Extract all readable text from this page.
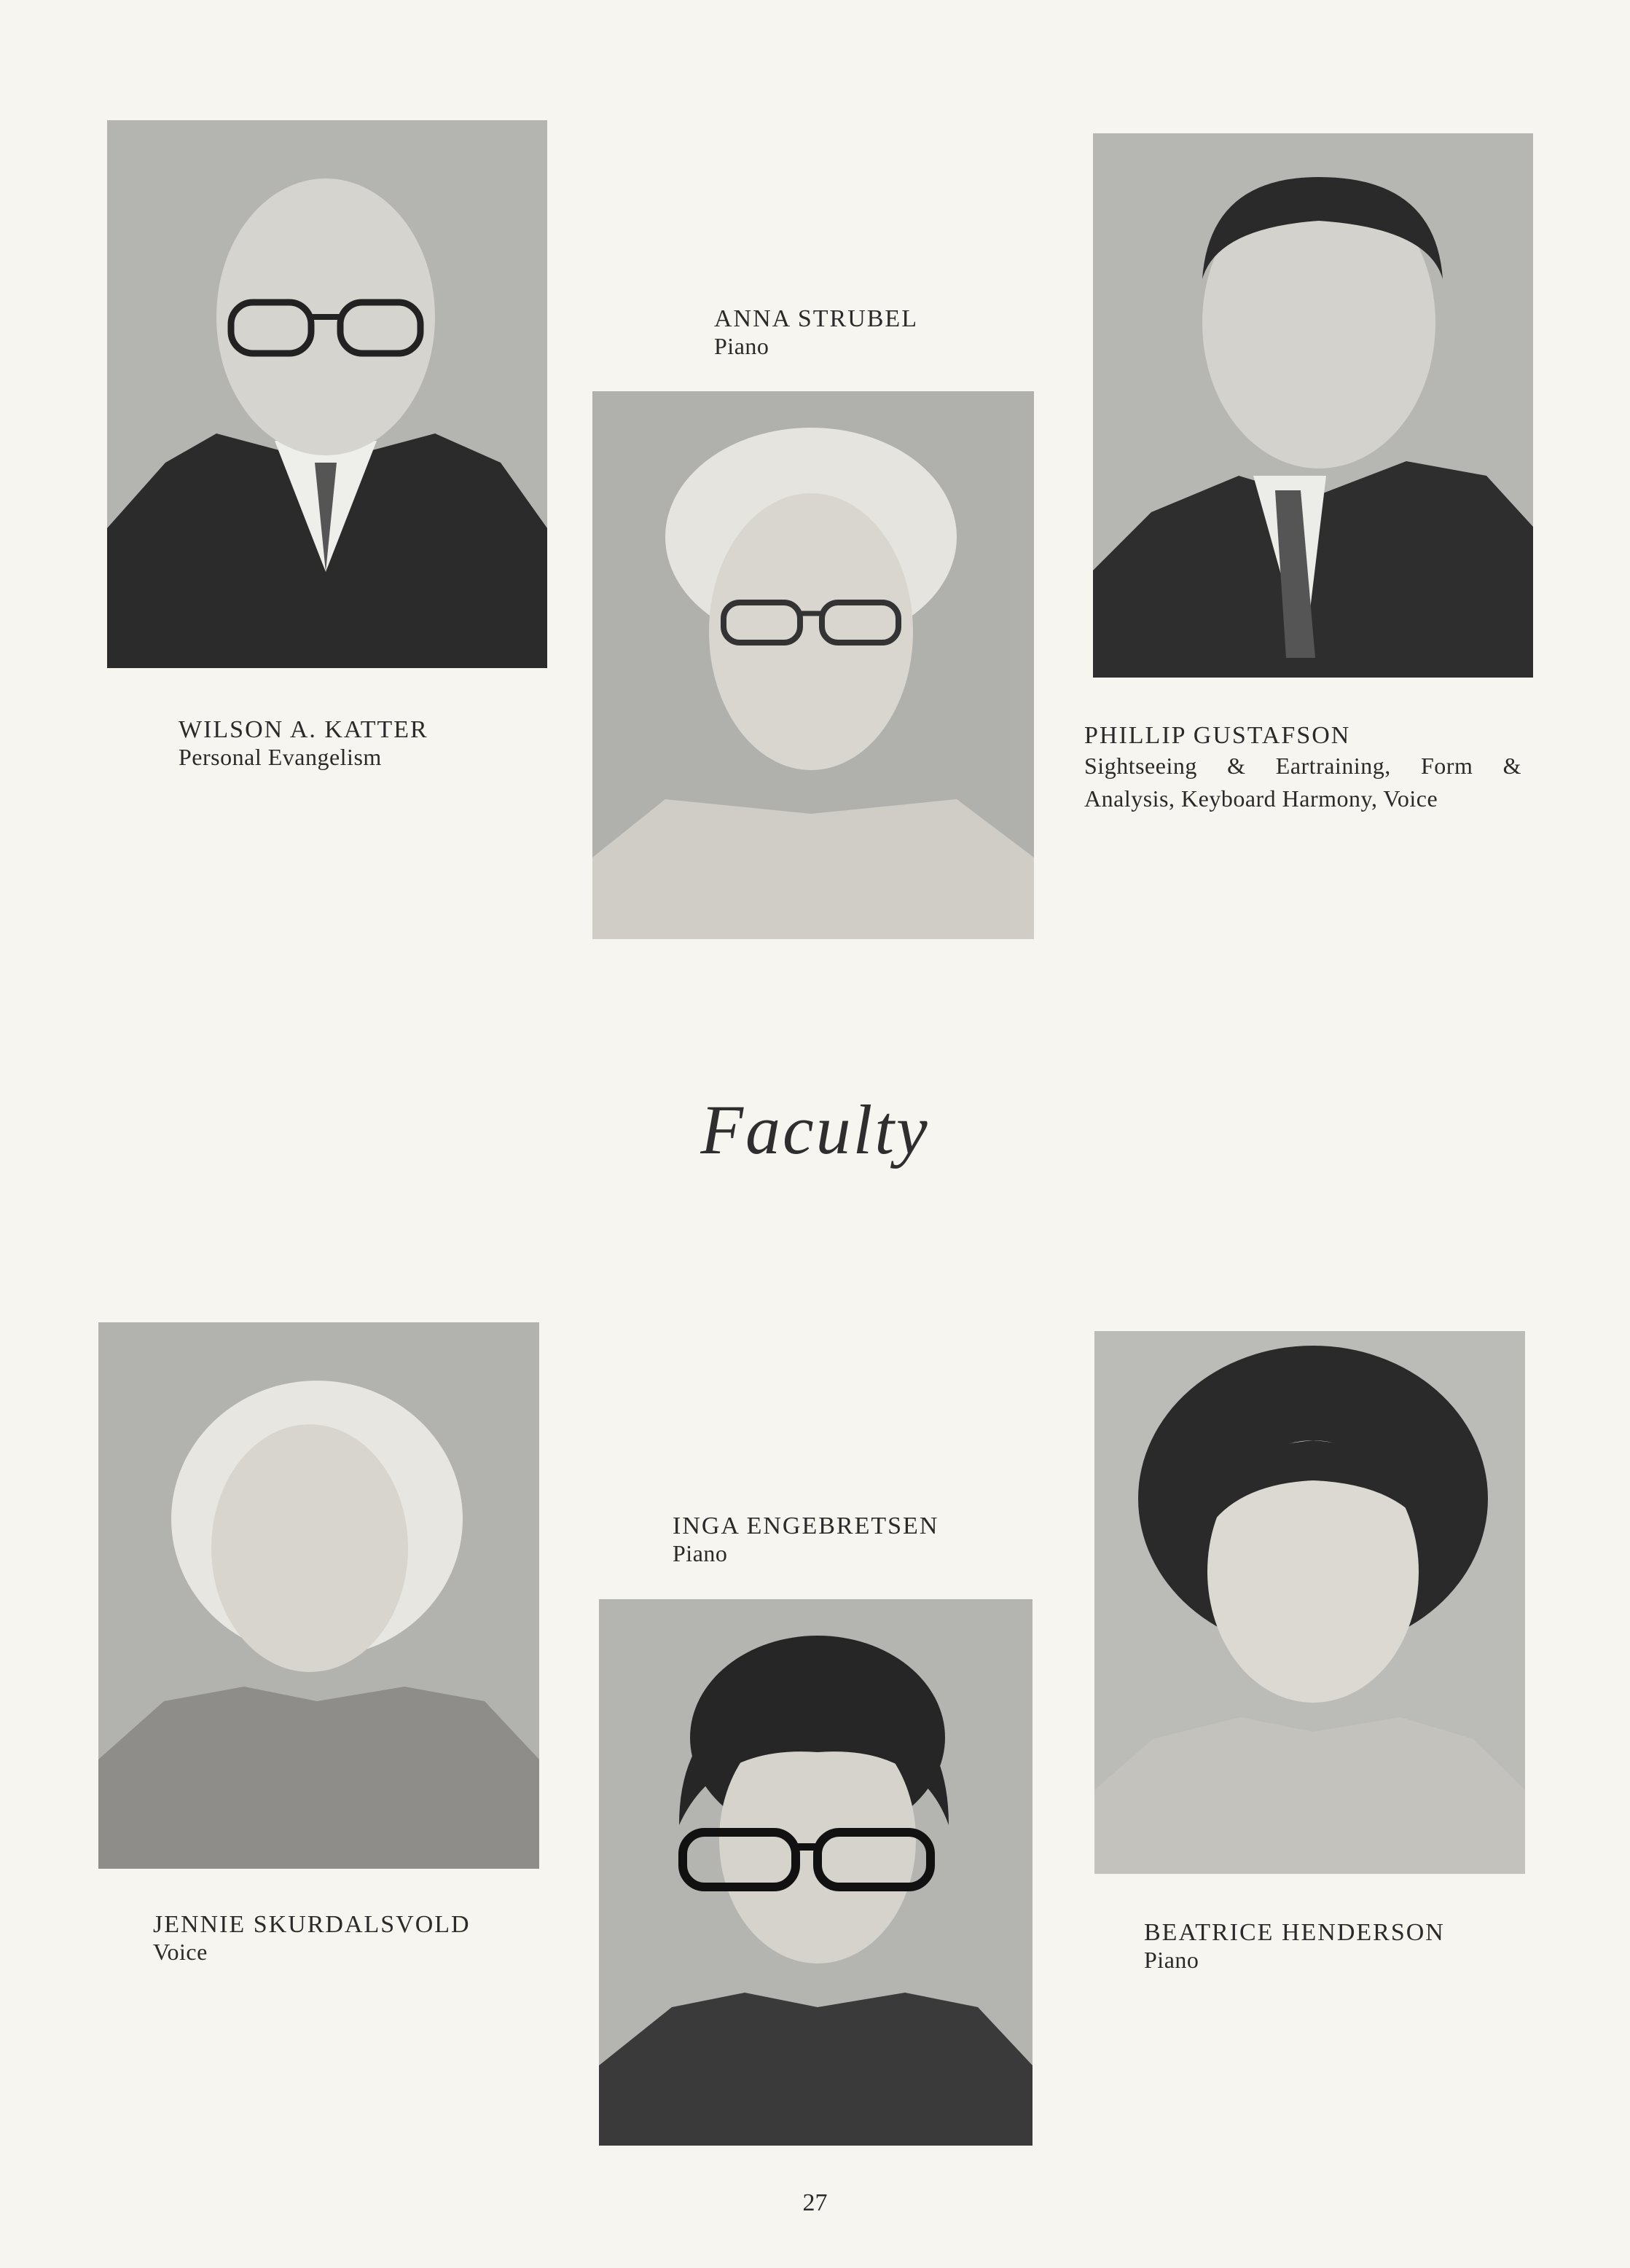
WILSON A. KATTER
Personal Evangelism
ANNA STRUBEL
Piano
PHILLIP GUSTAFSON
Sightseeing & Eartraining, Form & Analysis, Keyboard Harmony, Voice
Faculty
JENNIE SKURDALSVOLD
Voice
INGA ENGEBRETSEN
Piano
BEATRICE HENDERSON
Piano
27
